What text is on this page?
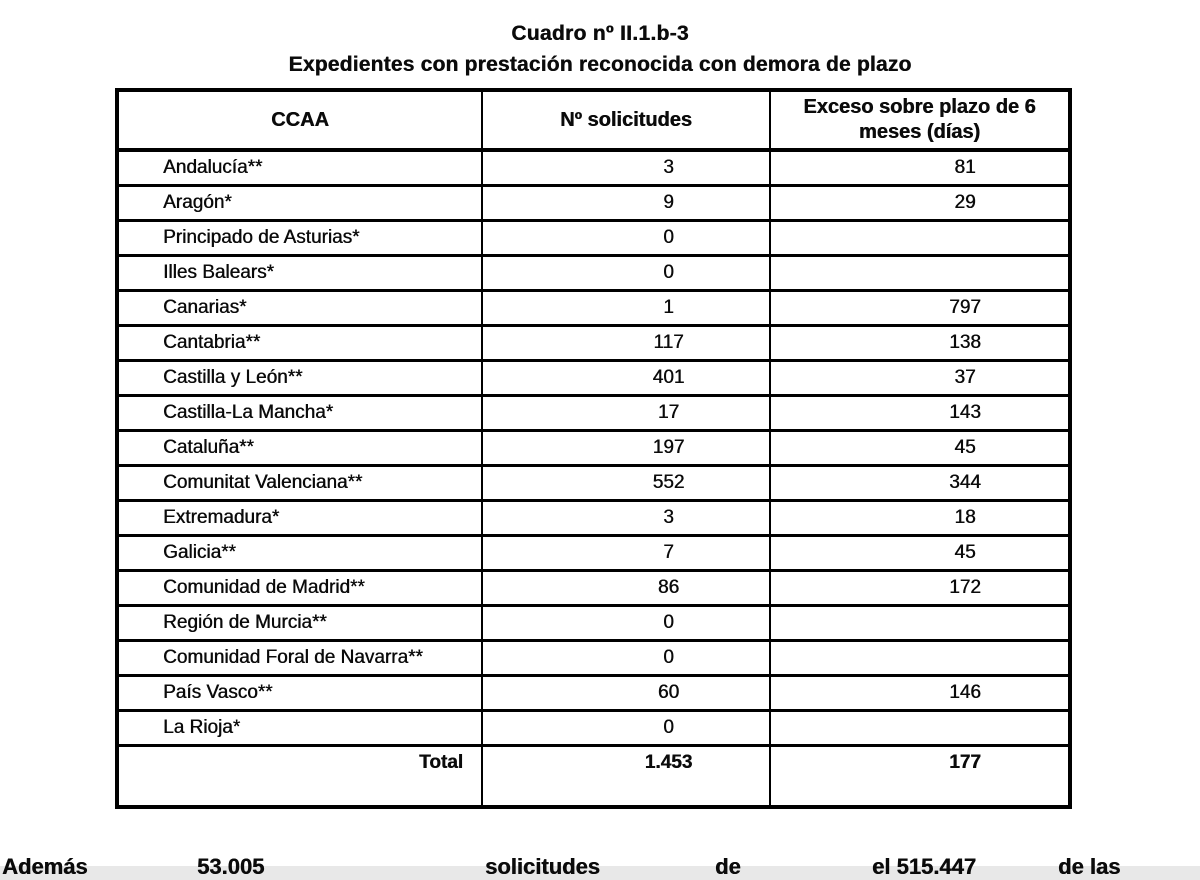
Cuadro nº II.1.b-3
Expedientes con prestación reconocida con demora de plazo
CCAA	Nº solicitudes	Exceso sobre plazo de 6 meses (días)
Andalucía**	3	81
Aragón*	9	29
Principado de Asturias*	0	
Illes Balears*	0	
Canarias*	1	797
Cantabria**	117	138
Castilla y León**	401	37
Castilla-La Mancha*	17	143
Cataluña**	197	45
Comunitat Valenciana**	552	344
Extremadura*	3	18
Galicia**	7	45
Comunidad de Madrid**	86	172
Región de Murcia**	0	
Comunidad Foral de Navarra**	0	
País Vasco**	60	146
La Rioja*	0	
Total	1.453	177
Además	53.005	solicitudes	de	el 515.447	de las
